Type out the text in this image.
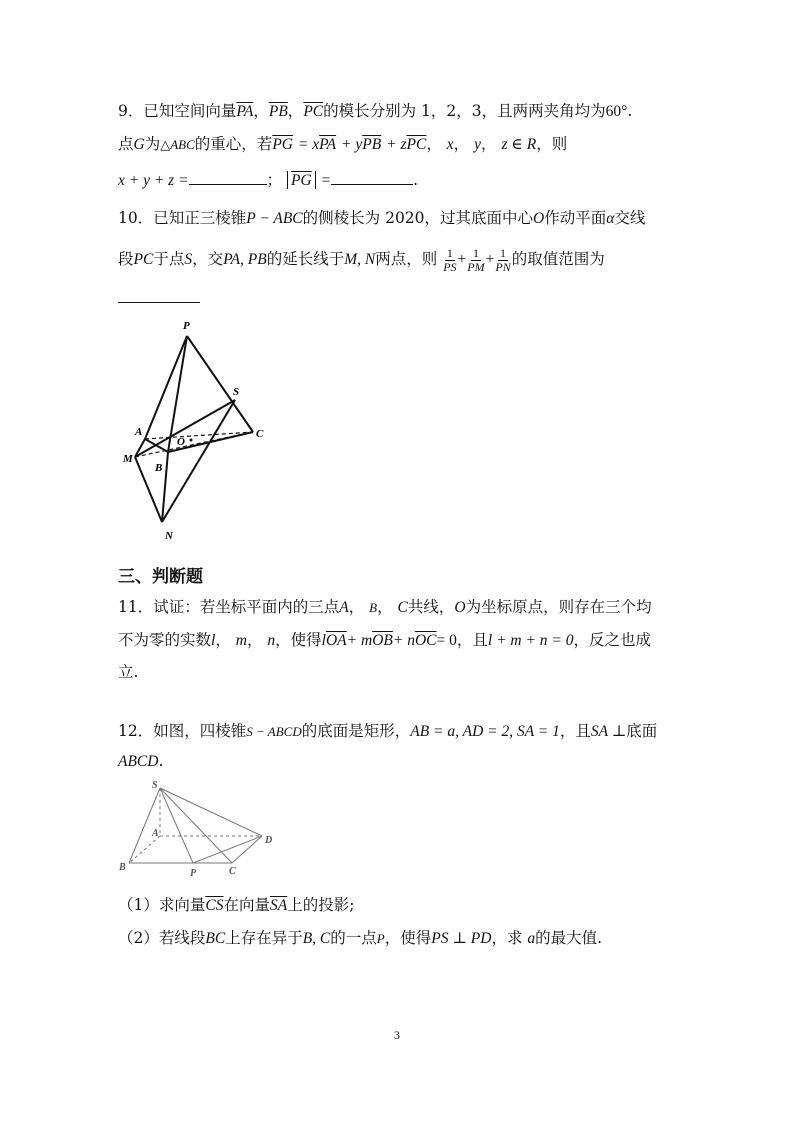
9．已知空间向量$\overline{PA}$，$\overline{PB}$，$\overline{PC}$的模长分别为 1，2，3，且两两夹角均为60°.
点G为△ABC的重心，若$\overline{PG} = x\overline{PA} + y\overline{PB} + z\overline{PC}$， x， y， z ∈ R，则
x + y + z =	； $\overline{PG}$ =	.
10．已知正三棱锥P − ABC的侧棱长为 2020，过其底面中心O作动平面α交线
段PC于点S，交PA, PB的延长线于M, N两点，则 $\frac{1}{PS} + \frac{1}{PM} + \frac{1}{PN}$ 的取值范围为
P
S
A
O
C
M
B
N
三、判断题
11．试证：若坐标平面内的三点A， B， C共线，O为坐标原点，则存在三个均
不为零的实数l， m， n，使得$l\overline{OA}+ m\overline{OB}+ n\overline{OC}= 0$，且l + m + n = 0，反之也成
立.
12．如图，四棱锥S − ABCD的底面是矩形，AB = a, AD = 2, SA = 1，且SA ⊥底面
ABCD.
S
A
D
B
P	C
（1）求向量$\overline{CS}$在向量$\overline{SA}$上的投影;
（2）若线段BC上存在异于B, C的一点P，使得PS ⊥ PD，求 a的最大值.
3
